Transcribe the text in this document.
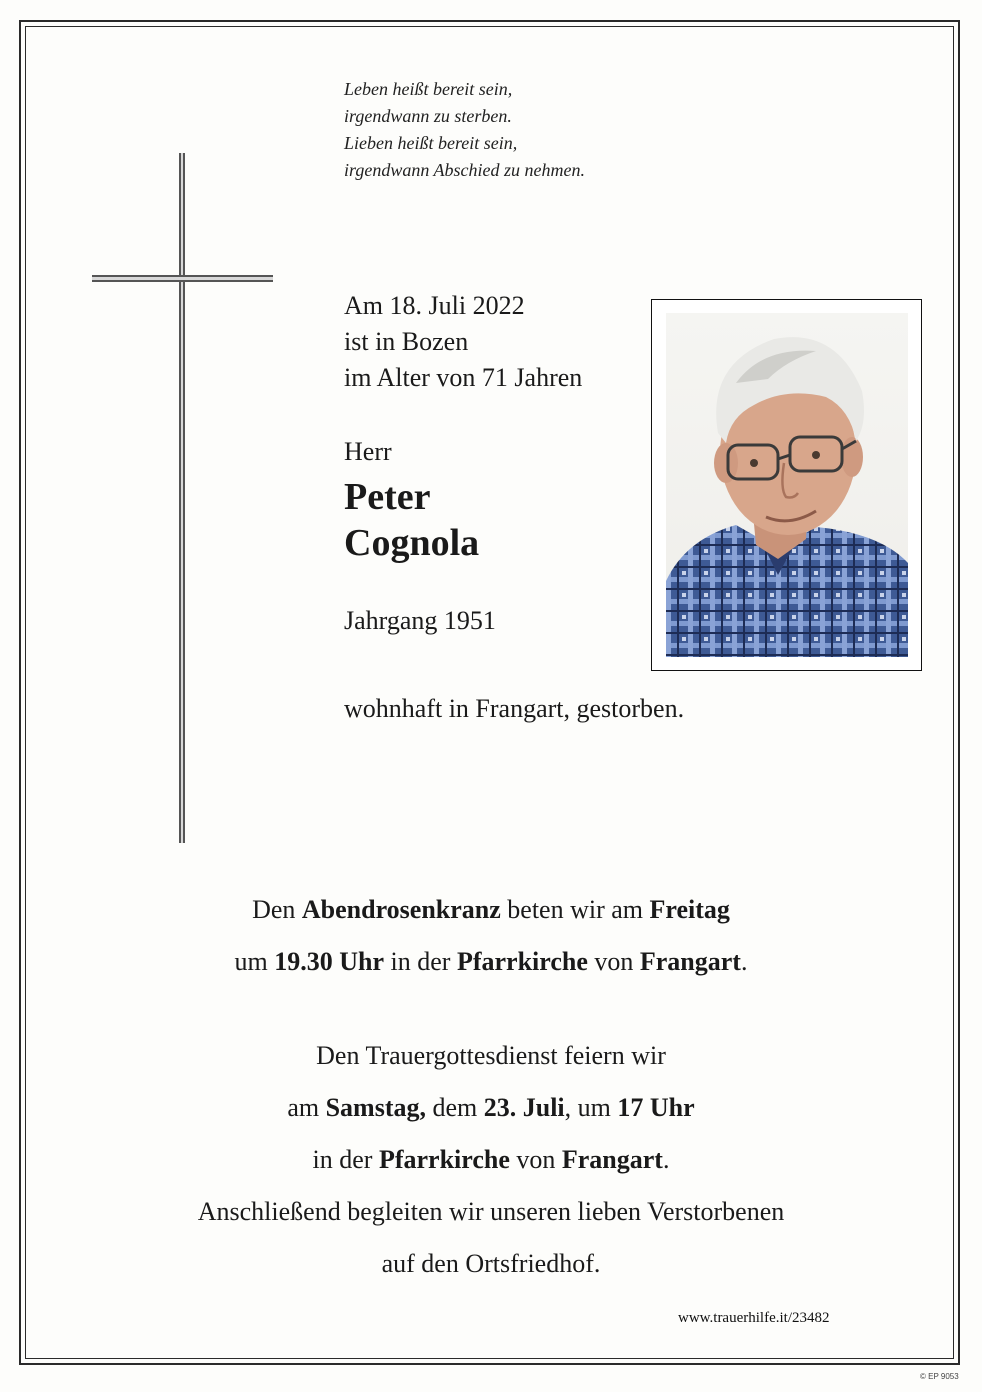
Leben heißt bereit sein,
irgendwann zu sterben.
Lieben heißt bereit sein,
irgendwann Abschied zu nehmen.
Am 18. Juli 2022
ist in Bozen
im Alter von 71 Jahren
Herr
Peter
Cognola
Jahrgang 1951
wohnhaft in Frangart, gestorben.
Den Abendrosenkranz beten wir am Freitag
um 19.30 Uhr in der Pfarrkirche von Frangart.
Den Trauergottesdienst feiern wir
am Samstag, dem 23. Juli, um 17 Uhr
in der Pfarrkirche von Frangart.
Anschließend begleiten wir unseren lieben Verstorbenen
auf den Ortsfriedhof.
www.trauerhilfe.it/23482
© EP 9053
